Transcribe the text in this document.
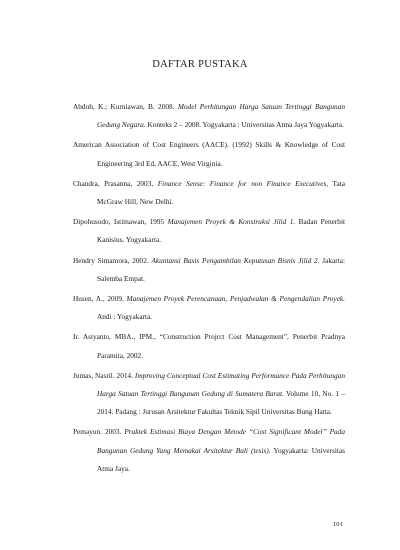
DAFTAR PUSTAKA
Abduh, K.; Kurniawan, B. 2008. Model Perhitungan Harga Satuan Tertinggi Bangunan Gedung Negara. Konteks 2 – 2008. Yogyakarta : Universitas Atma Jaya Yogyakarta.
American Association of Cost Engineers (AACE). (1992) Skills & Knowledge of Cost Engineering 3rd Ed, AACE, West Virginia.
Chandra, Prasanna, 2003, Finance Sense: Finance for non Finance Executives, Tata McGraw Hill, New Delhi.
Dipohusodo, Istimawan, 1995 Manajemen Proyek & Konstruksi Jilid 1. Badan Penerbit Kanisius. Yogyakarta.
Hendry Simamora, 2002. Akuntansi Basis Pengambilan Keputusan Bisnis Jilid 2. Jakarta: Salemba Empat.
Husen, A., 2009. Manajemen Proyek Perencanaan, Penjadwalan & Pengendalian Proyek. Andi : Yogyakarta.
Ir. Asiyanto, MBA., IPM., “Construction Projrct Cost Management”, Penerbit Pradnya Paramita, 2002.
Jumas, Nasril. 2014. Improving Conceptual Cost Estimating Performance Pada Perhitungan Harga Satuan Tertinggi Bangunan Gedung di Sumatera Barat. Volume 10, No. 1 – 2014. Padang : Jurusan Arsitektur Fakultas Teknik Sipil Universitas Bung Hatta.
Pemayun. 2003. Praktek Estimasi Biaya Dengan Metode “Cost Significant Model” Pada Bangunan Gedung Yang Memakai Arsitektur Bali (tesis). Yogyakarta: Universitas Atma Jaya.
101
